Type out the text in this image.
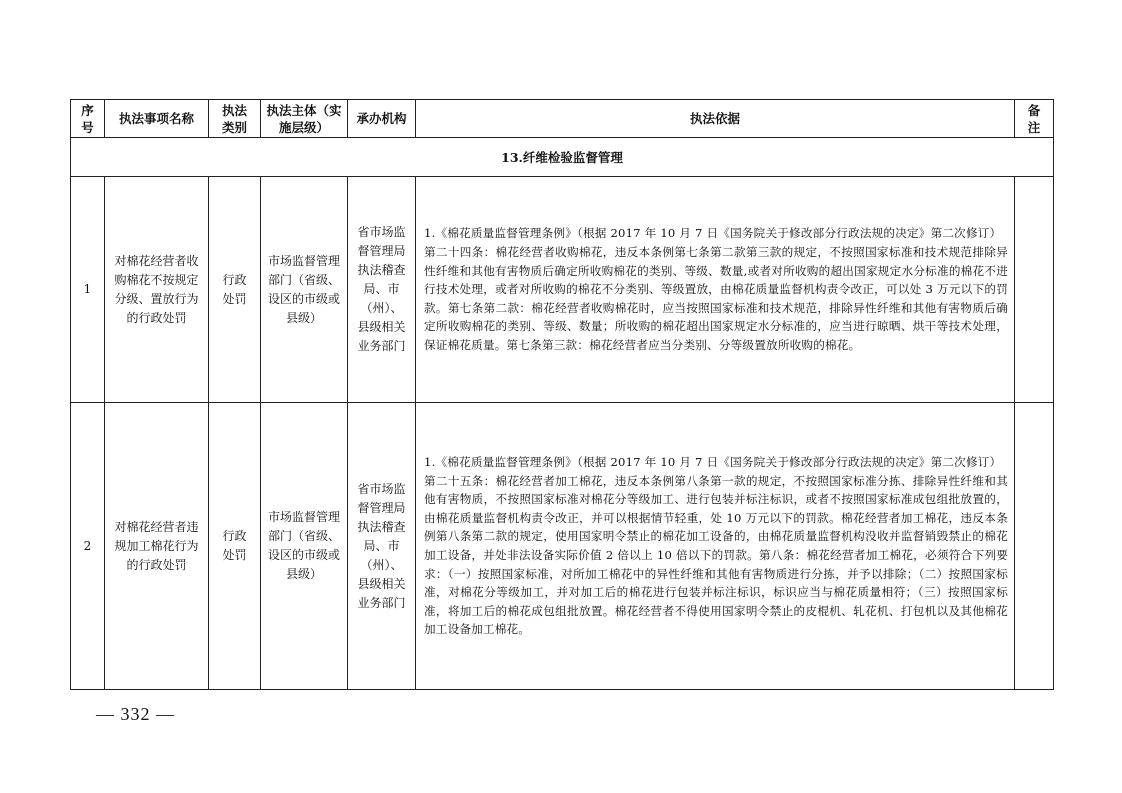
序号	执法事项名称	执法类别	执法主体（实施层级）	承办机构	执法依据	备注
13.纤维检验监督管理						
1	对棉花经营者收购棉花不按规定分级、置放行为的行政处罚	行政处罚	市场监督管理部门（省级、设区的市级或县级）	省市场监督管理局执法稽查局、市（州）、县级相关业务部门	1.《棉花质量监督管理条例》（根据 2017 年 10 月 7 日《国务院关于修改部分行政法规的决定》第二次修订）
第二十四条：棉花经营者收购棉花，违反本条例第七条第二款第三款的规定，不按照国家标准和技术规范排除异性纤维和其他有害物质后确定所收购棉花的类别、等级、数量,或者对所收购的超出国家规定水分标准的棉花不进行技术处理，或者对所收购的棉花不分类别、等级置放，由棉花质量监督机构责令改正，可以处 3 万元以下的罚款。第七条第二款：棉花经营者收购棉花时，应当按照国家标准和技术规范，排除异性纤维和其他有害物质后确定所收购棉花的类别、等级、数量；所收购的棉花超出国家规定水分标准的，应当进行晾晒、烘干等技术处理，保证棉花质量。第七条第三款：棉花经营者应当分类别、分等级置放所收购的棉花。	

2	对棉花经营者违规加工棉花行为的行政处罚	行政处罚	市场监督管理部门（省级、设区的市级或县级）	省市场监督管理局执法稽查局、市（州）、县级相关业务部门	1.《棉花质量监督管理条例》（根据 2017 年 10 月 7 日《国务院关于修改部分行政法规的决定》第二次修订）
第二十五条：棉花经营者加工棉花，违反本条例第八条第一款的规定，不按照国家标准分拣、排除异性纤维和其他有害物质，不按照国家标准对棉花分等级加工、进行包装并标注标识，或者不按照国家标准成包组批放置的，由棉花质量监督机构责令改正，并可以根据情节轻重，处 10 万元以下的罚款。棉花经营者加工棉花，违反本条例第八条第二款的规定，使用国家明令禁止的棉花加工设备的，由棉花质量监督机构没收并监督销毁禁止的棉花加工设备，并处非法设备实际价值 2 倍以上 10 倍以下的罚款。第八条：棉花经营者加工棉花，必须符合下列要求：（一）按照国家标准，对所加工棉花中的异性纤维和其他有害物质进行分拣，并予以排除；（二）按照国家标准，对棉花分等级加工，并对加工后的棉花进行包装并标注标识，标识应当与棉花质量相符；（三）按照国家标准，将加工后的棉花成包组批放置。棉花经营者不得使用国家明令禁止的皮棍机、轧花机、打包机以及其他棉花加工设备加工棉花。	

— 332 —
